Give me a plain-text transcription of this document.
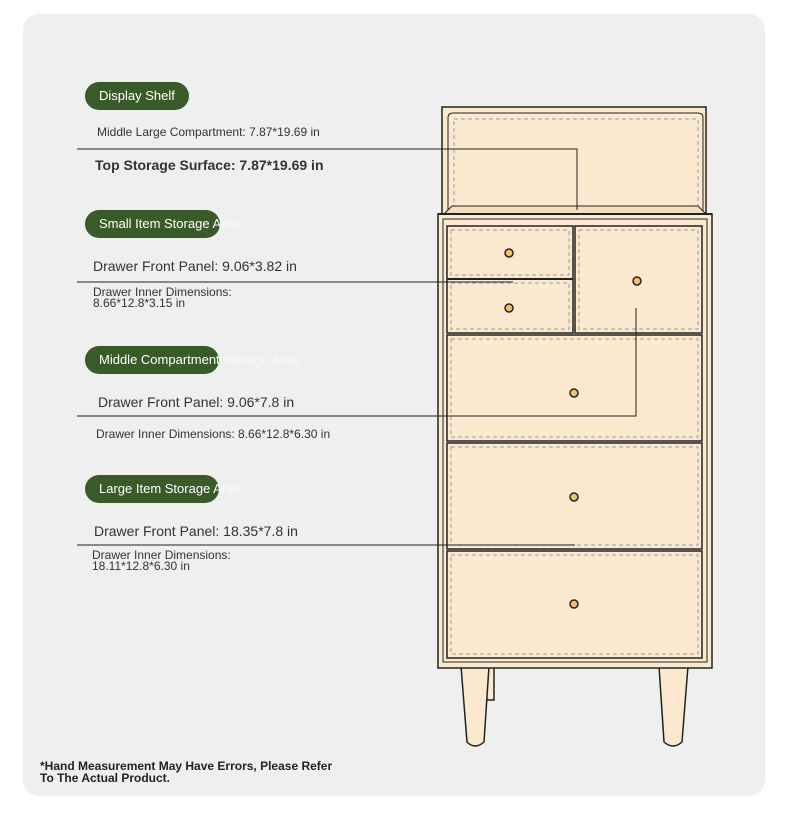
Display Shelf
Middle Large Compartment: 7.87*19.69 in
Top Storage Surface: 7.87*19.69 in
Small Item Storage Area
Drawer Front Panel: 9.06*3.82 in
Drawer Inner Dimensions:
8.66*12.8*3.15 in
Middle Compartment Storage Area
Drawer Front Panel: 9.06*7.8 in
Drawer Inner Dimensions: 8.66*12.8*6.30 in
Large Item Storage Area
Drawer Front Panel: 18.35*7.8 in
Drawer Inner Dimensions:
18.11*12.8*6.30 in
*Hand Measurement May Have Errors, Please Refer
To The Actual Product.
